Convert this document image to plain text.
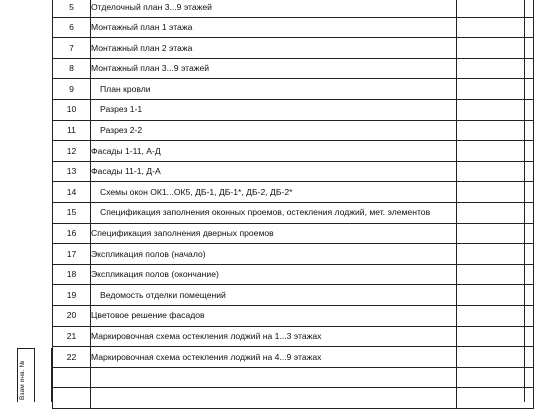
Взам инв. №
5	Отделочный план 3...9 этажей	
6	Монтажный план 1 этажа	
7	Монтажный план 2 этажа	
8	Монтажный план 3...9 этажей	
9	План кровли	
10	Разрез 1-1	
11	Разрез 2-2	
12	Фасады 1-11, А-Д	
13	Фасады 11-1, Д-А	
14	Схемы окон ОК1...ОК5, ДБ-1, ДБ-1*, ДБ-2, ДБ-2*	
15	Спецификация заполнения оконных проемов, остекления лоджий, мет. элементов	
16	Спецификация заполнения дверных проемов	
17	Экспликация полов (начало)	
18	Экспликация полов (окончание)	
19	Ведомость отделки помещений	
20	Цветовое решение фасадов	
21	Маркировочная схема остекления лоджий на 1...3 этажах	
22	Маркировочная схема остекления лоджий на 4...9 этажах	
